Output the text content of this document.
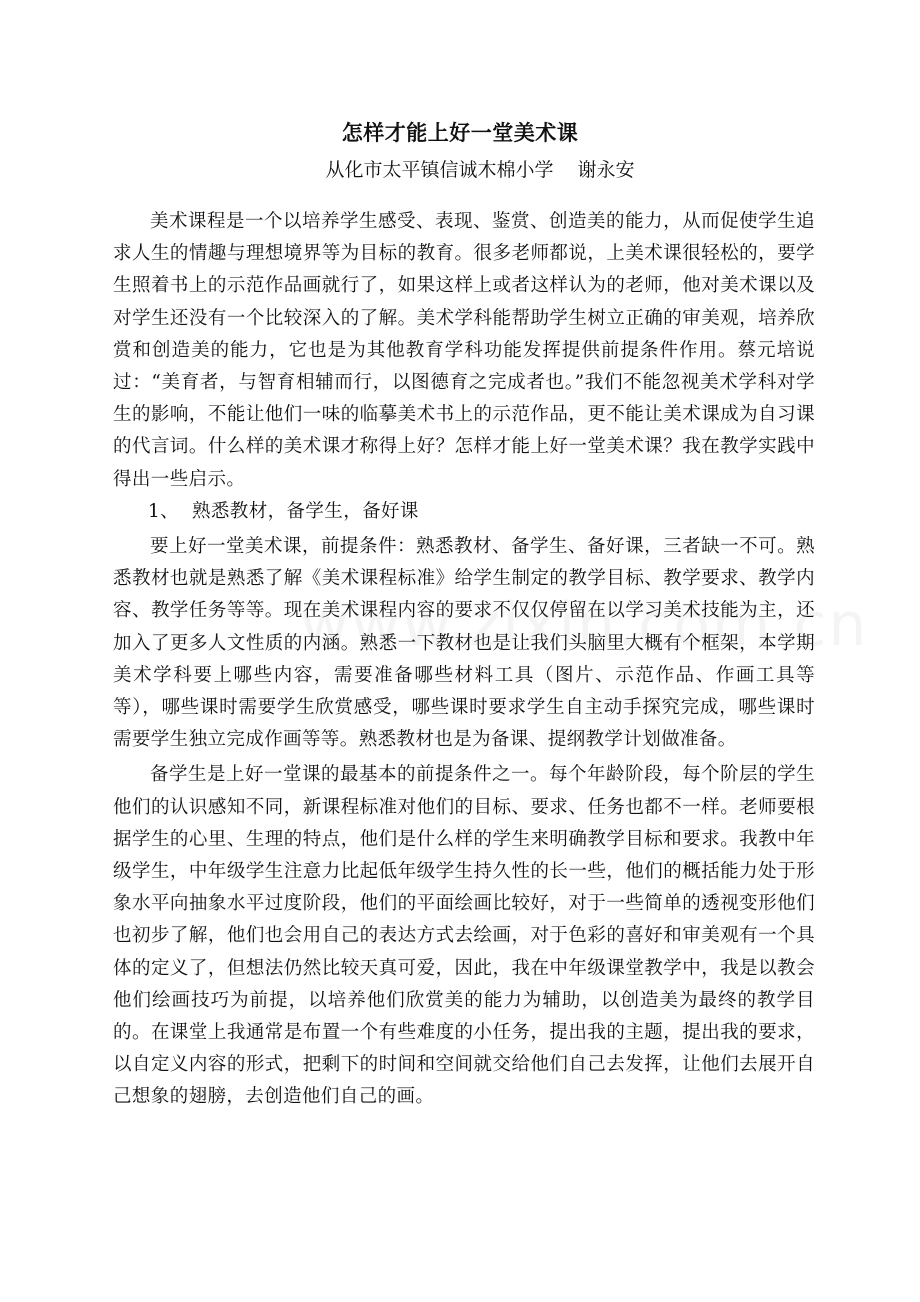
怎样才能上好一堂美术课
从化市太平镇信诚木棉小学 谢永安

美术课程是一个以培养学生感受、表现、鉴赏、创造美的能力，从而促使学生追求人生的情趣与理想境界等为目标的教育。很多老师都说，上美术课很轻松的，要学生照着书上的示范作品画就行了，如果这样上或者这样认为的老师，他对美术课以及对学生还没有一个比较深入的了解。美术学科能帮助学生树立正确的审美观，培养欣赏和创造美的能力，它也是为其他教育学科功能发挥提供前提条件作用。蔡元培说过：“美育者，与智育相辅而行，以图德育之完成者也。”我们不能忽视美术学科对学生的影响，不能让他们一味的临摹美术书上的示范作品，更不能让美术课成为自习课的代言词。什么样的美术课才称得上好？怎样才能上好一堂美术课？我在教学实践中得出一些启示。

1、 熟悉教材，备学生，备好课

要上好一堂美术课，前提条件：熟悉教材、备学生、备好课，三者缺一不可。熟悉教材也就是熟悉了解《美术课程标准》给学生制定的教学目标、教学要求、教学内容、教学任务等等。现在美术课程内容的要求不仅仅停留在以学习美术技能为主，还加入了更多人文性质的内涵。熟悉一下教材也是让我们头脑里大概有个框架，本学期美术学科要上哪些内容，需要准备哪些材料工具（图片、示范作品、作画工具等等），哪些课时需要学生欣赏感受，哪些课时要求学生自主动手探究完成，哪些课时需要学生独立完成作画等等。熟悉教材也是为备课、提纲教学计划做准备。

备学生是上好一堂课的最基本的前提条件之一。每个年龄阶段，每个阶层的学生他们的认识感知不同，新课程标准对他们的目标、要求、任务也都不一样。老师要根据学生的心里、生理的特点，他们是什么样的学生来明确教学目标和要求。我教中年级学生，中年级学生注意力比起低年级学生持久性的长一些，他们的概括能力处于形象水平向抽象水平过度阶段，他们的平面绘画比较好，对于一些简单的透视变形他们也初步了解，他们也会用自己的表达方式去绘画，对于色彩的喜好和审美观有一个具体的定义了，但想法仍然比较天真可爱，因此，我在中年级课堂教学中，我是以教会他们绘画技巧为前提，以培养他们欣赏美的能力为辅助，以创造美为最终的教学目的。在课堂上我通常是布置一个有些难度的小任务，提出我的主题，提出我的要求，以自定义内容的形式，把剩下的时间和空间就交给他们自己去发挥，让他们去展开自己想象的翅膀，去创造他们自己的画。
